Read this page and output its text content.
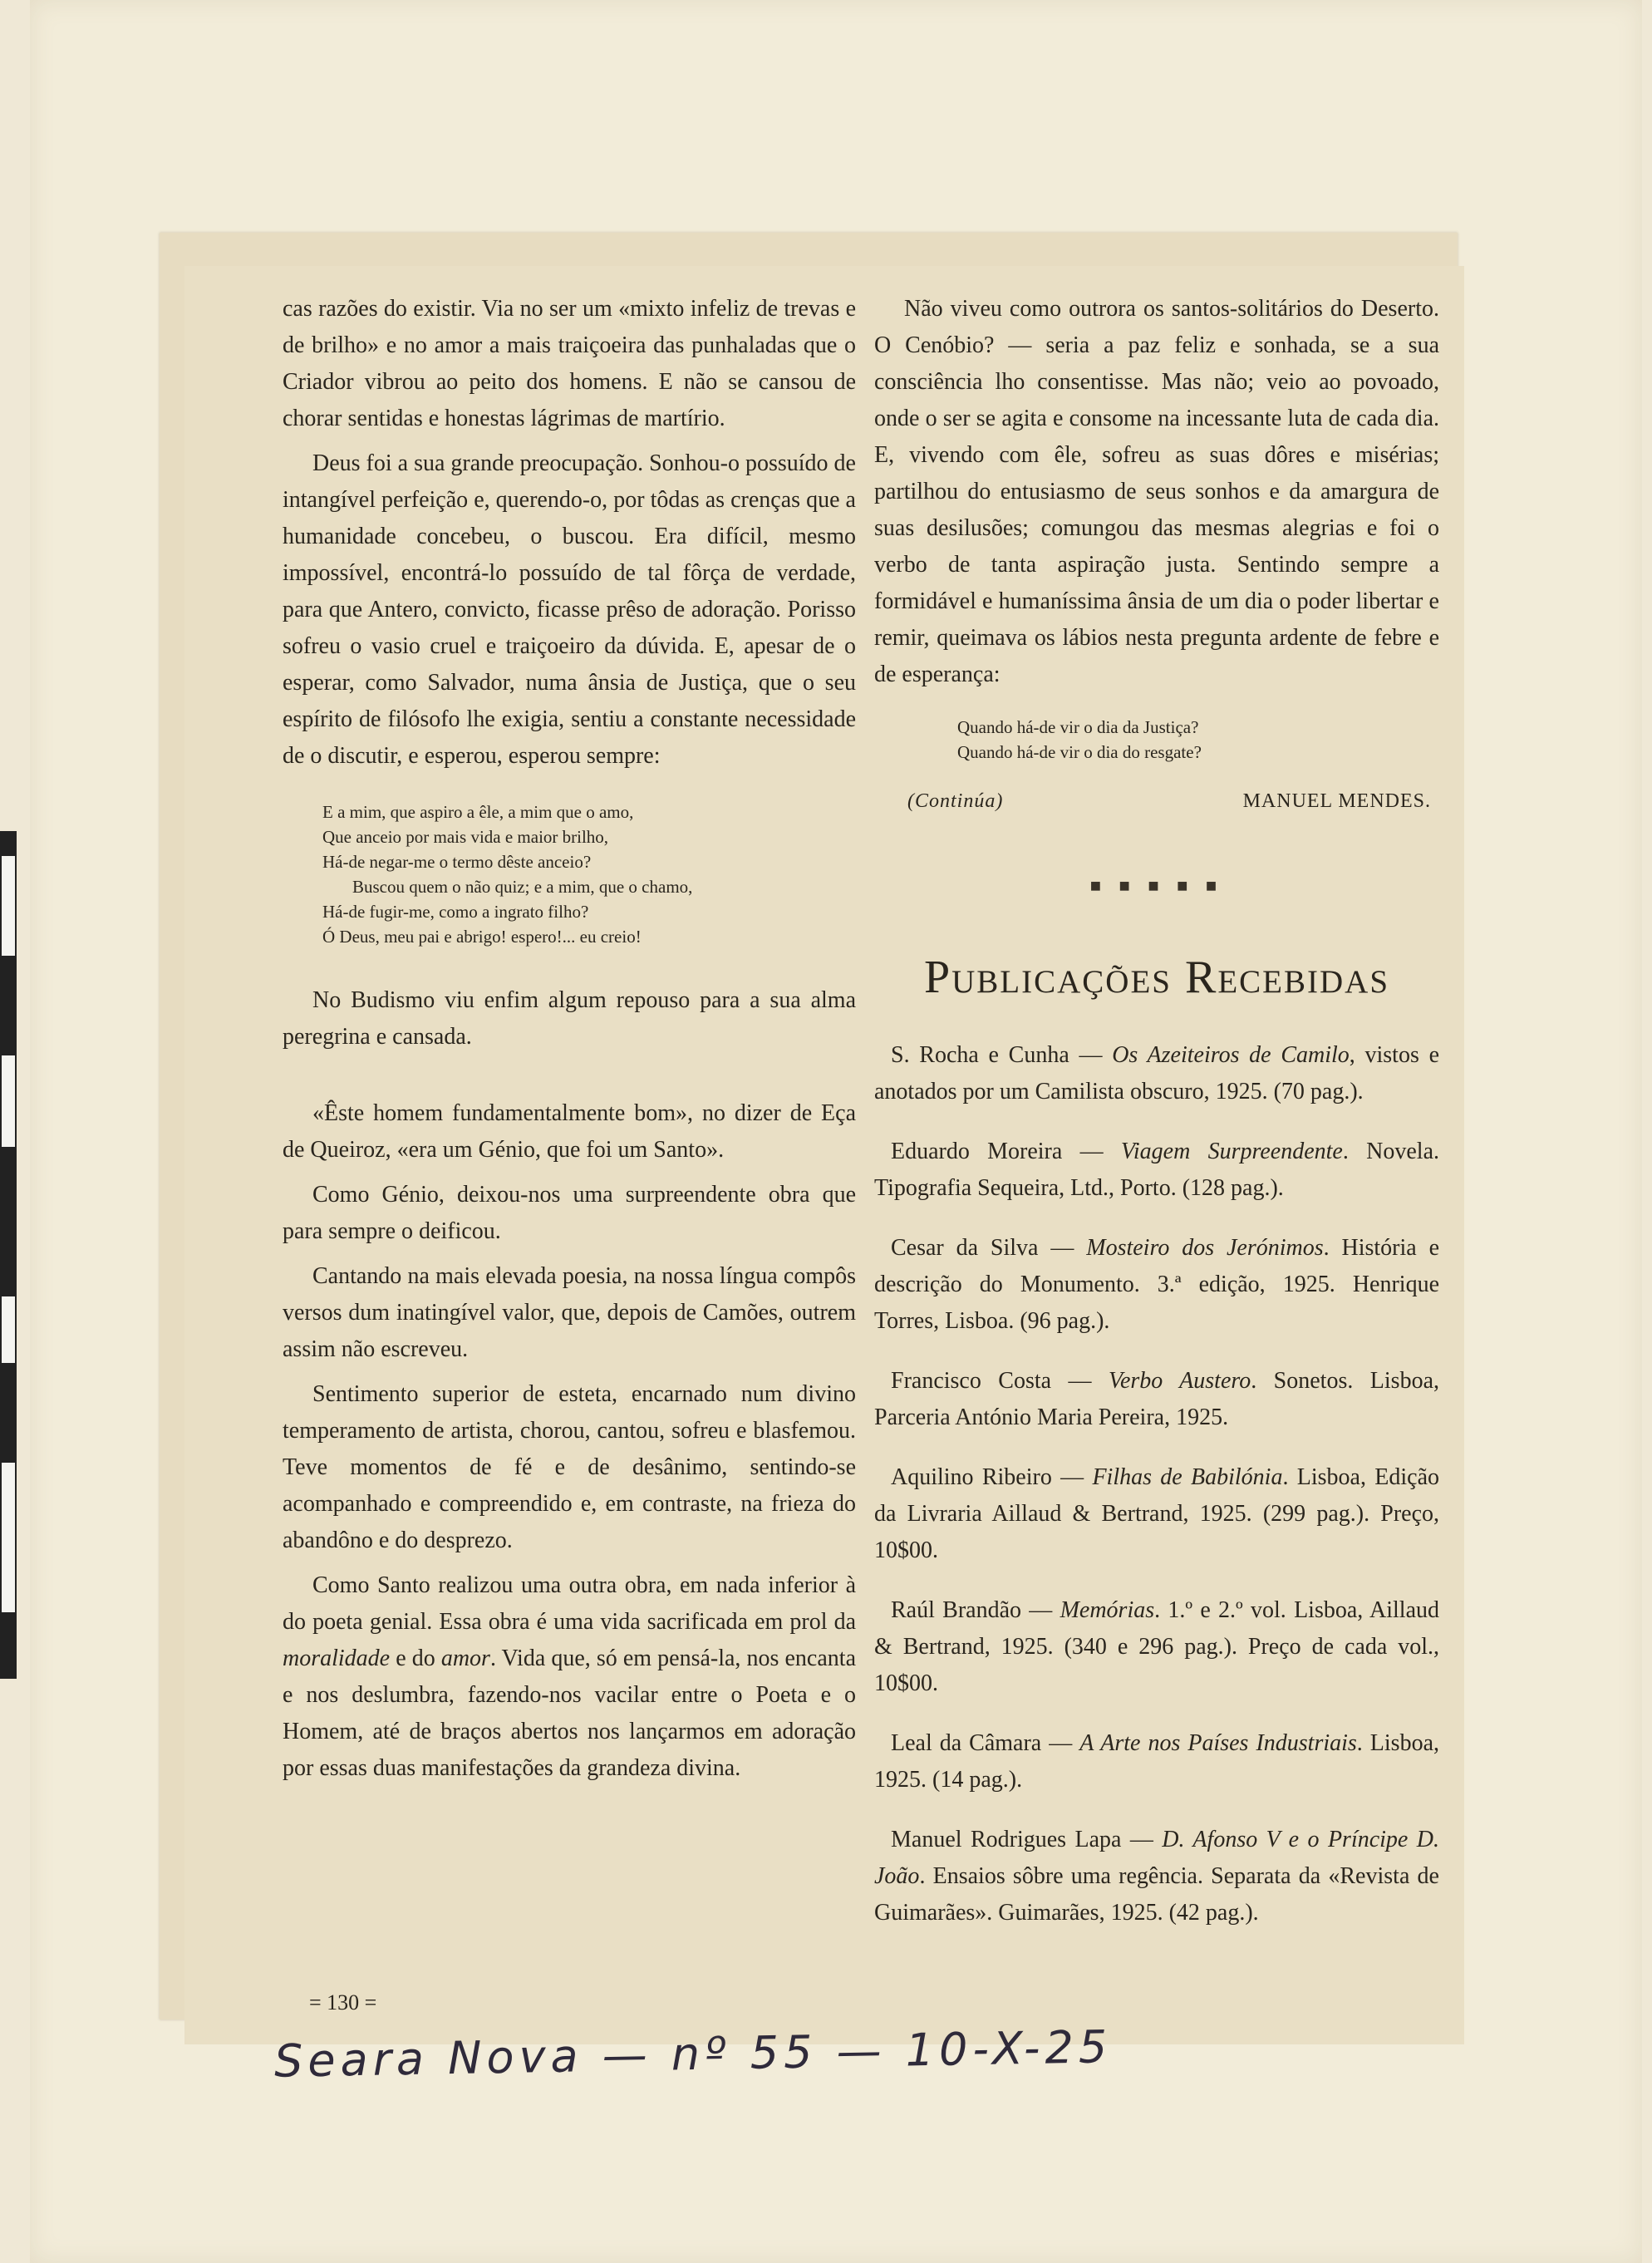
cas razões do existir. Via no ser um «mixto infeliz de trevas e de brilho» e no amor a mais traiçoeira das punhaladas que o Criador vibrou ao peito dos homens. E não se cansou de chorar sentidas e honestas lágrimas de martírio.

Deus foi a sua grande preocupação. Sonhou-o possuído de intangível perfeição e, querendo-o, por tôdas as crenças que a humanidade concebeu, o buscou. Era difícil, mesmo impossível, encontrá-lo possuído de tal fôrça de verdade, para que Antero, convicto, ficasse prêso de adoração. Porisso sofreu o vasio cruel e traiçoeiro da dúvida. E, apesar de o esperar, como Salvador, numa ânsia de Justiça, que o seu espírito de filósofo lhe exigia, sentiu a constante necessidade de o discutir, e esperou, esperou sempre:

E a mim, que aspiro a êle, a mim que o amo,
Que anceio por mais vida e maior brilho,
Há-de negar-me o termo dêste anceio?
Buscou quem o não quiz; e a mim, que o chamo,
Há-de fugir-me, como a ingrato filho?
Ó Deus, meu pai e abrigo! espero!... eu creio!

No Budismo viu enfim algum repouso para a sua alma peregrina e cansada.

«Êste homem fundamentalmente bom», no dizer de Eça de Queiroz, «era um Génio, que foi um Santo».

Como Génio, deixou-nos uma surpreendente obra que para sempre o deificou.

Cantando na mais elevada poesia, na nossa língua compôs versos dum inatingível valor, que, depois de Camões, outrem assim não escreveu.

Sentimento superior de esteta, encarnado num divino temperamento de artista, chorou, cantou, sofreu e blasfemou. Teve momentos de fé e de desânimo, sentindo-se acompanhado e compreendido e, em contraste, na frieza do abandôno e do desprezo.

Como Santo realizou uma outra obra, em nada inferior à do poeta genial. Essa obra é uma vida sacrificada em prol da moralidade e do amor. Vida que, só em pensá-la, nos encanta e nos deslumbra, fazendo-nos vacilar entre o Poeta e o Homem, até de braços abertos nos lançarmos em adoração por essas duas manifestações da grandeza divina.

Não viveu como outrora os santos-solitários do Deserto. O Cenóbio? — seria a paz feliz e sonhada, se a sua consciência lho consentisse. Mas não; veio ao povoado, onde o ser se agita e consome na incessante luta de cada dia. E, vivendo com êle, sofreu as suas dôres e misérias; partilhou do entusiasmo de seus sonhos e da amargura de suas desilusões; comungou das mesmas alegrias e foi o verbo de tanta aspiração justa. Sentindo sempre a formidável e humaníssima ânsia de um dia o poder libertar e remir, queimava os lábios nesta pregunta ardente de febre e de esperança:

Quando há-de vir o dia da Justiça?
Quando há-de vir o dia do resgate?
(Continúa)	MANUEL MENDES.
■ ■ ■ ■ ■
Publicações Recebidas

S. Rocha e Cunha — Os Azeiteiros de Camilo, vistos e anotados por um Camilista obscuro, 1925. (70 pag.).

Eduardo Moreira — Viagem Surpreendente. Novela. Tipografia Sequeira, Ltd., Porto. (128 pag.).

Cesar da Silva — Mosteiro dos Jerónimos. História e descrição do Monumento. 3.ª edição, 1925. Henrique Torres, Lisboa. (96 pag.).

Francisco Costa — Verbo Austero. Sonetos. Lisboa, Parceria António Maria Pereira, 1925.

Aquilino Ribeiro — Filhas de Babilónia. Lisboa, Edição da Livraria Aillaud & Bertrand, 1925. (299 pag.). Preço, 10$00.

Raúl Brandão — Memórias. 1.º e 2.º vol. Lisboa, Aillaud & Bertrand, 1925. (340 e 296 pag.). Preço de cada vol., 10$00.

Leal da Câmara — A Arte nos Países Industriais. Lisboa, 1925. (14 pag.).

Manuel Rodrigues Lapa — D. Afonso V e o Príncipe D. João. Ensaios sôbre uma regência. Separata da «Revista de Guimarães». Guimarães, 1925. (42 pag.).

= 130 =
Seara Nova — nº 55 — 10-X-25
